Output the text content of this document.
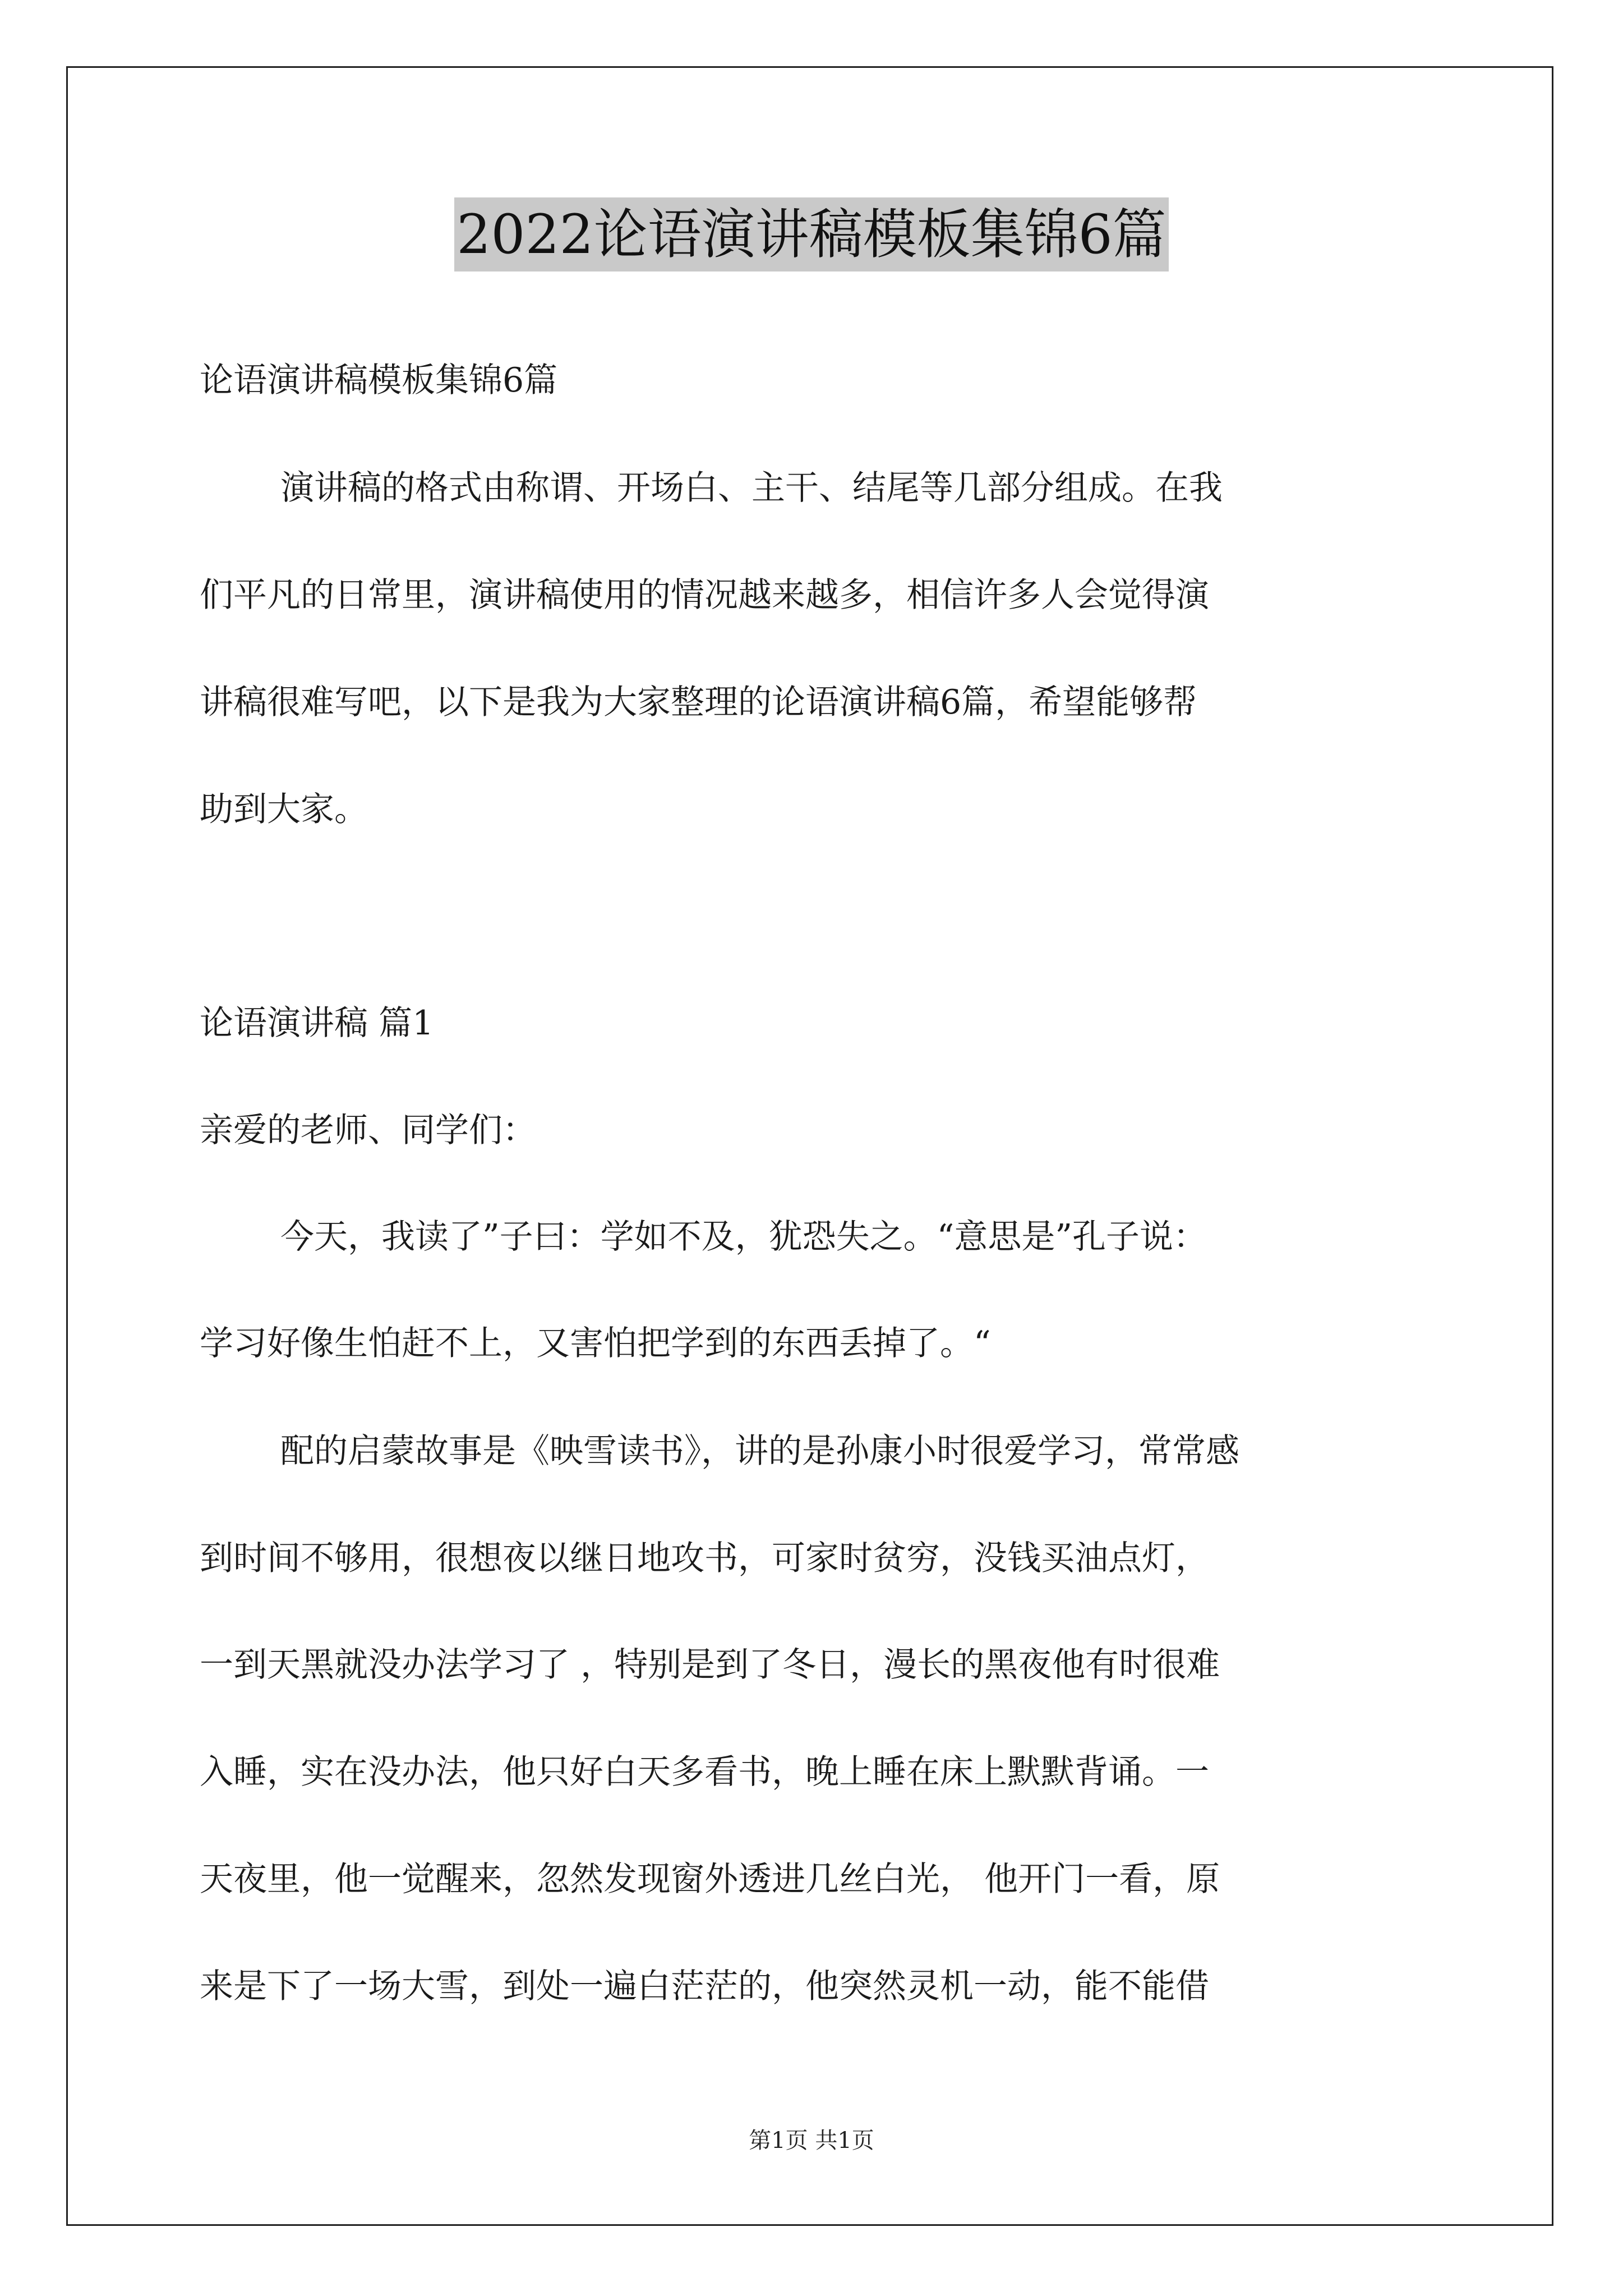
2022论语演讲稿模板集锦6篇
论语演讲稿模板集锦6篇
演讲稿的格式由称谓、开场白、主干、结尾等几部分组成。在我
们平凡的日常里，演讲稿使用的情况越来越多，相信许多人会觉得演
讲稿很难写吧，以下是我为大家整理的论语演讲稿6篇，希望能够帮
助到大家。
论语演讲稿 篇1
亲爱的老师、同学们：
今天，我读了”子曰：学如不及，犹恐失之。“意思是”孔子说：
学习好像生怕赶不上，又害怕把学到的东西丢掉了。“
配的启蒙故事是《映雪读书》，讲的是孙康小时很爱学习，常常感
到时间不够用，很想夜以继日地攻书，可家时贫穷，没钱买油点灯，
一到天黑就没办法学习了 ，特别是到了冬日，漫长的黑夜他有时很难
入睡，实在没办法，他只好白天多看书，晚上睡在床上默默背诵。一
天夜里，他一觉醒来，忽然发现窗外透进几丝白光， 他开门一看，原
来是下了一场大雪，到处一遍白茫茫的，他突然灵机一动，能不能借
第1页 共1页
